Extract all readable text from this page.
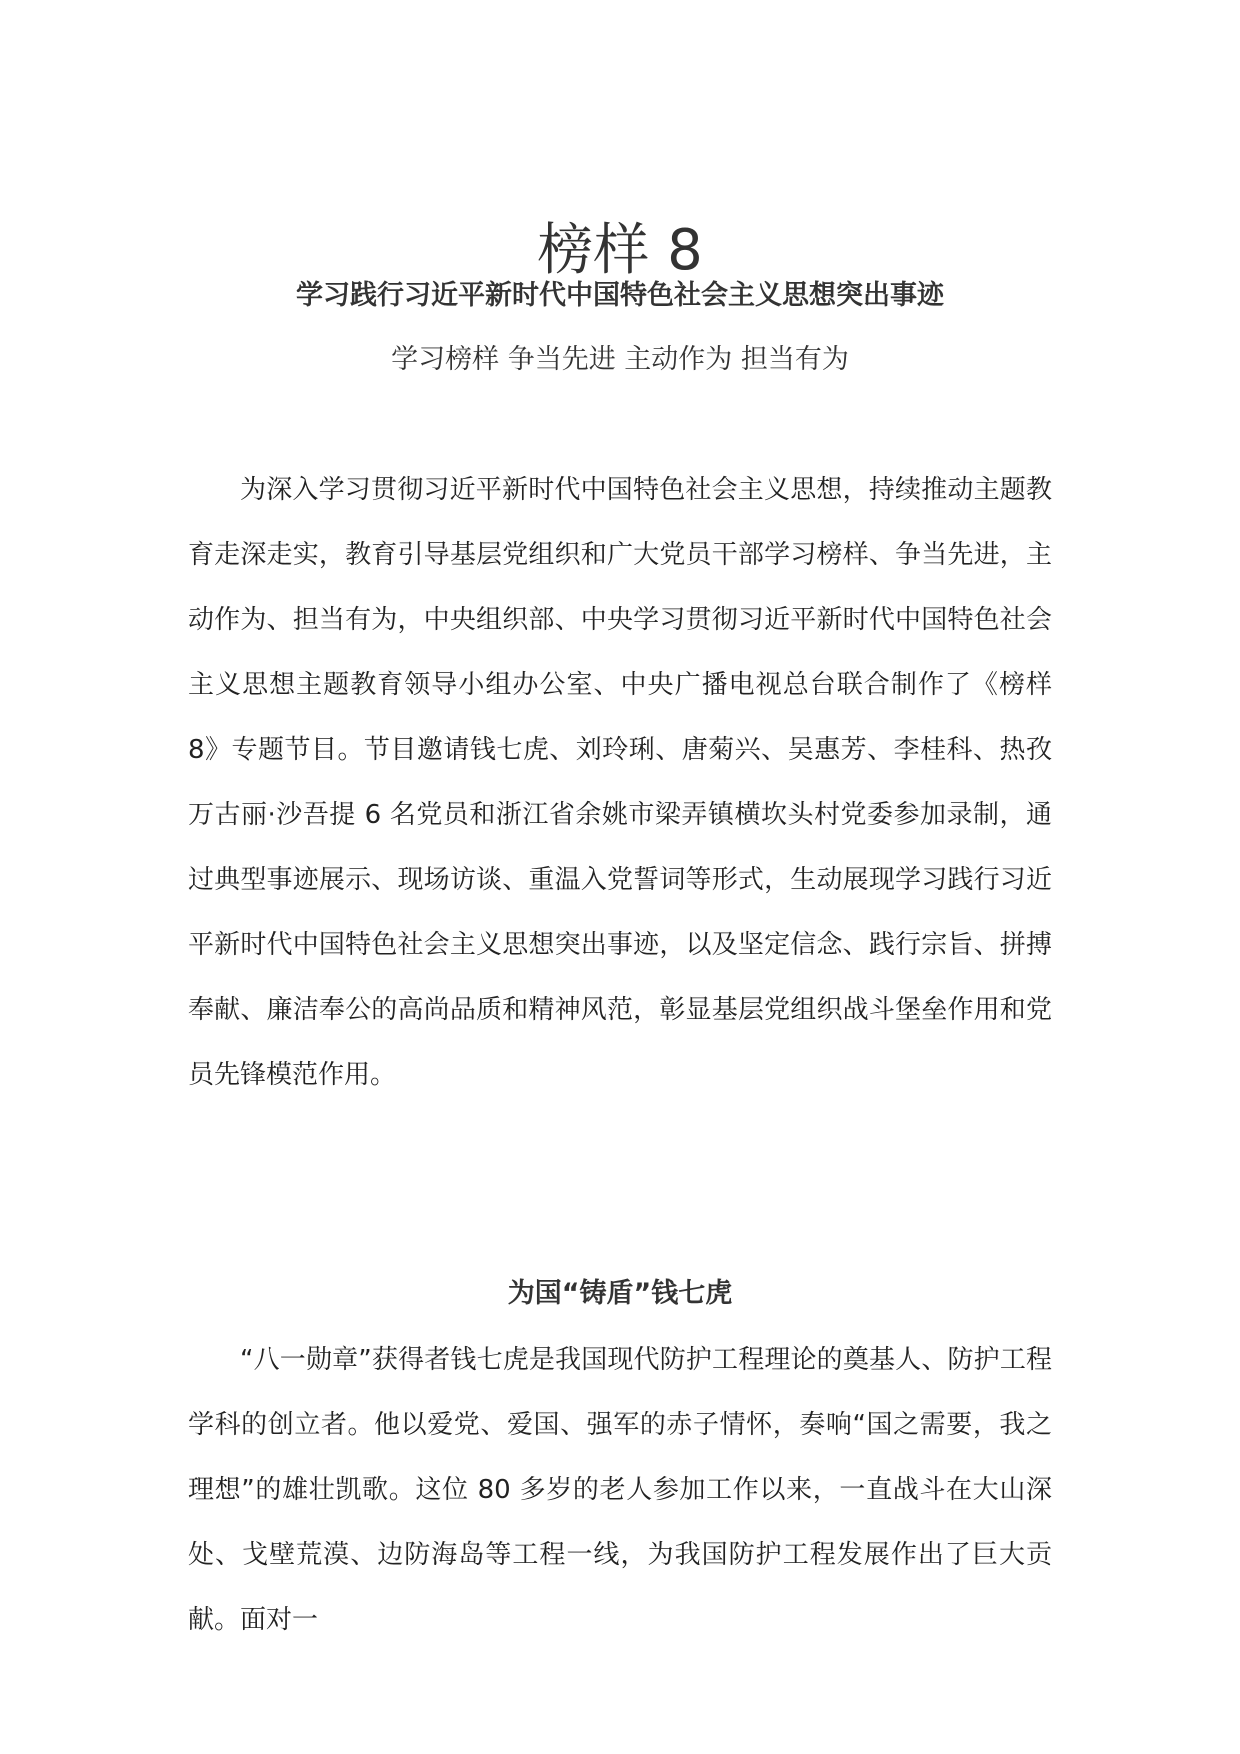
榜样 8
学习践行习近平新时代中国特色社会主义思想突出事迹
学习榜样 争当先进 主动作为 担当有为

为深入学习贯彻习近平新时代中国特色社会主义思想，持续推动主题教育走深走实，教育引导基层党组织和广大党员干部学习榜样、争当先进，主动作为、担当有为，中央组织部、中央学习贯彻习近平新时代中国特色社会主义思想主题教育领导小组办公室、中央广播电视总台联合制作了《榜样 8》专题节目。节目邀请钱七虎、刘玲琍、唐菊兴、吴惠芳、李桂科、热孜万古丽·沙吾提 6 名党员和浙江省余姚市梁弄镇横坎头村党委参加录制，通过典型事迹展示、现场访谈、重温入党誓词等形式，生动展现学习践行习近平新时代中国特色社会主义思想突出事迹，以及坚定信念、践行宗旨、拼搏奉献、廉洁奉公的高尚品质和精神风范，彰显基层党组织战斗堡垒作用和党员先锋模范作用。

为国“铸盾”钱七虎

“八一勋章”获得者钱七虎是我国现代防护工程理论的奠基人、防护工程学科的创立者。他以爱党、爱国、强军的赤子情怀，奏响“国之需要，我之理想”的雄壮凯歌。这位 80 多岁的老人参加工作以来，一直战斗在大山深处、戈壁荒漠、边防海岛等工程一线，为我国防护工程发展作出了巨大贡献。面对一
